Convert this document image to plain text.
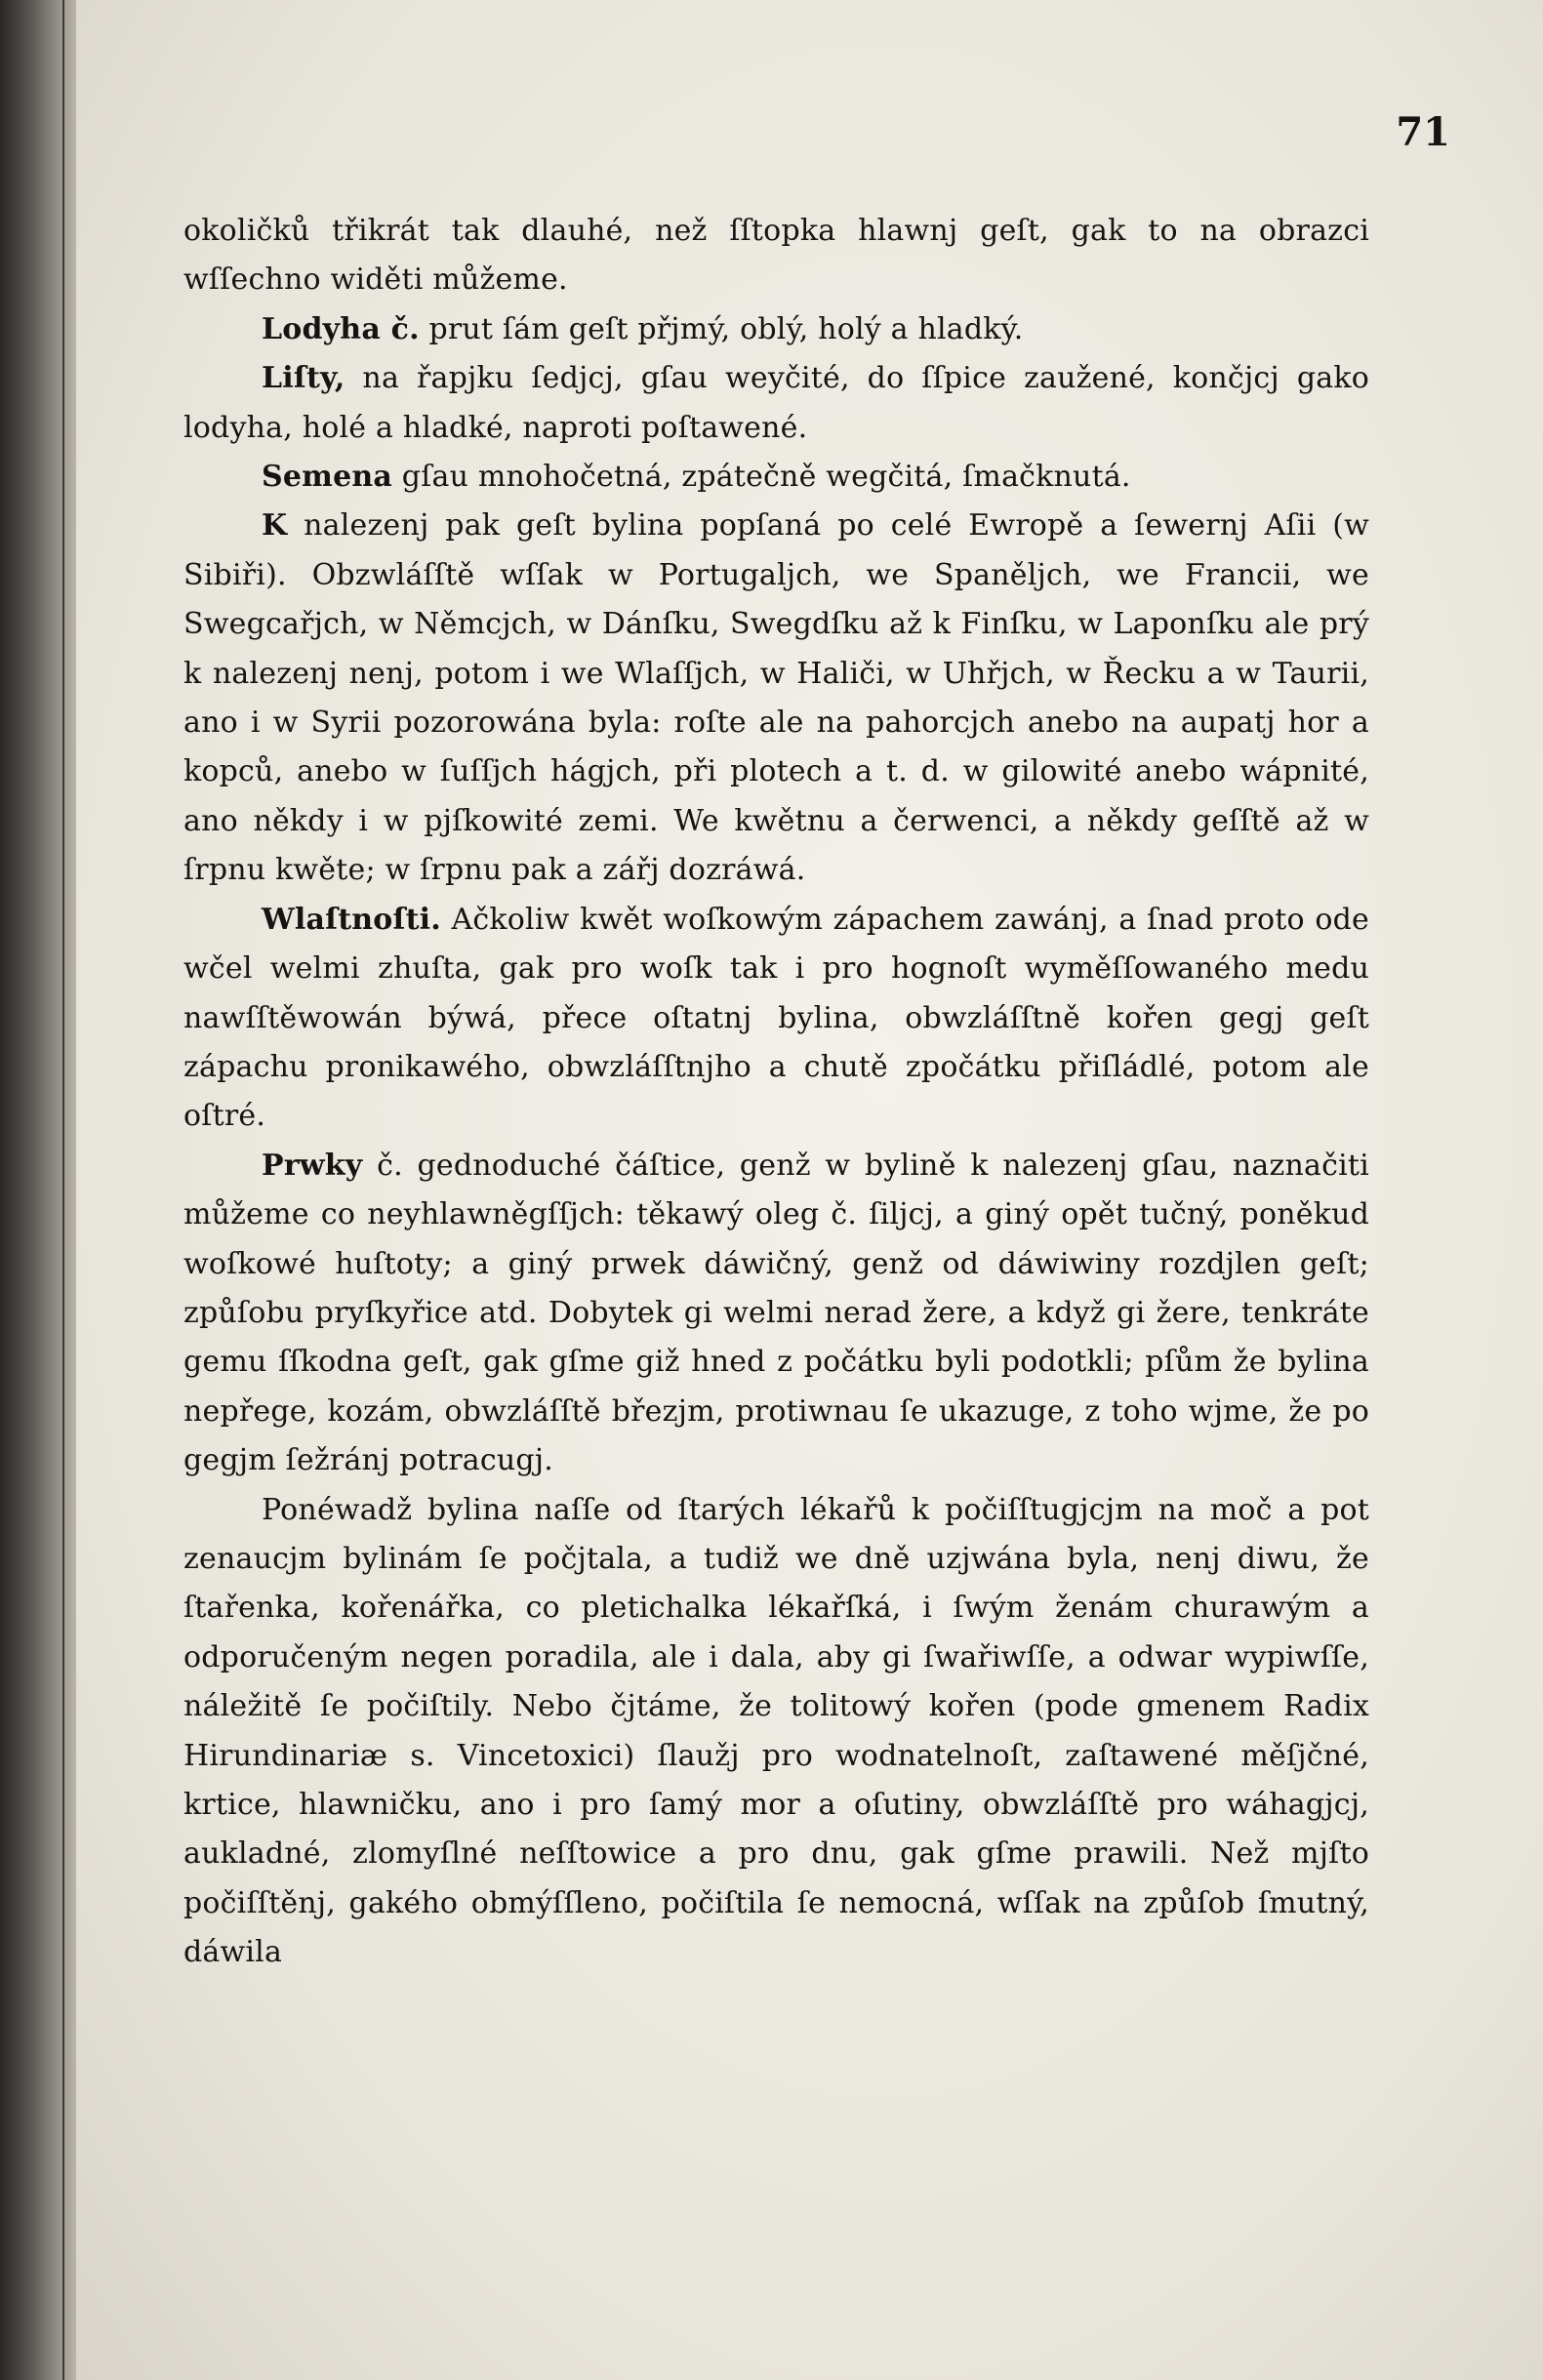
71

okoličků třikrát tak dlauhé, než ſſtopka hlawnj geſt, gak to na obrazci wſſechno widěti můžeme.

Lodyha č. prut ſám geſt přjmý, oblý, holý a hladký.

Liſty, na řapjku ſedjcj, gſau weyčité, do ſſpice zaužené, končjcj gako lodyha, holé a hladké, naproti poſtawené.

Semena gſau mnohočetná, zpátečně wegčitá, ſmačknutá.

K nalezenj pak geſt bylina popſaná po celé Ewropě a ſewernj Aſii (w Sibiři). Obzwláſſtě wſſak w Portugaljch, we Spaněljch, we Francii, we Swegcařjch, w Němcjch, w Dánſku, Swegdſku až k Finſku, w Laponſku ale prý k nalezenj nenj, potom i we Wlaſſjch, w Haliči, w Uhřjch, w Řecku a w Taurii, ano i w Syrii pozorowána byla: roſte ale na pahorcjch anebo na aupatj hor a kopců, anebo w ſuſſjch hágjch, při plotech a t. d. w gilowité anebo wápnité, ano někdy i w pjſkowité zemi. We kwětnu a čerwenci, a někdy geſſtě až w ſrpnu kwěte; w ſrpnu pak a zářj dozráwá.

Wlaſtnoſti. Ačkoliw kwět woſkowým zápachem zawánj, a ſnad proto ode wčel welmi zhuſta, gak pro woſk tak i pro hognoſt wyměſſowaného medu nawſſtěwowán býwá, přece oſtatnj bylina, obwzláſſtně kořen gegj geſt zápachu pronikawého, obwzláſſtnjho a chutě zpočátku přiſládlé, potom ale oſtré.

Prwky č. gednoduché čáſtice, genž w bylině k nalezenj gſau, naznačiti můžeme co neyhlawněgſſjch: těkawý oleg č. ſiljcj, a giný opět tučný, poněkud woſkowé huſtoty; a giný prwek dáwičný, genž od dáwiwiny rozdjlen geſt; způſobu pryſkyřice atd. Dobytek gi welmi nerad žere, a když gi žere, tenkráte gemu ſſkodna geſt, gak gſme giž hned z počátku byli podotkli; pſům že bylina nepřege, kozám, obwzláſſtě březjm, protiwnau ſe ukazuge, z toho wjme, že po gegjm ſežránj potracugj.

Ponéwadž bylina naſſe od ſtarých lékařů k počiſſtugjcjm na moč a pot zenaucjm bylinám ſe počjtala, a tudiž we dně uzjwána byla, nenj diwu, že ſtařenka, kořenářka, co pletichalka lékařſká, i ſwým ženám churawým a odporučeným negen poradila, ale i dala, aby gi ſwařiwſſe, a odwar wypiwſſe, náležitě ſe počiſtily. Nebo čjtáme, že tolitowý kořen (pode gmenem Radix Hirundinariæ s. Vincetoxici) ſlaužj pro wodnatelnoſt, zaſtawené měſjčné, krtice, hlawničku, ano i pro ſamý mor a oſutiny, obwzláſſtě pro wáhagjcj, aukladné, zlomyſlné neſſtowice a pro dnu, gak gſme prawili. Než mjſto počiſſtěnj, gakého obmýſſleno, počiſtila ſe nemocná, wſſak na způſob ſmutný, dáwila
